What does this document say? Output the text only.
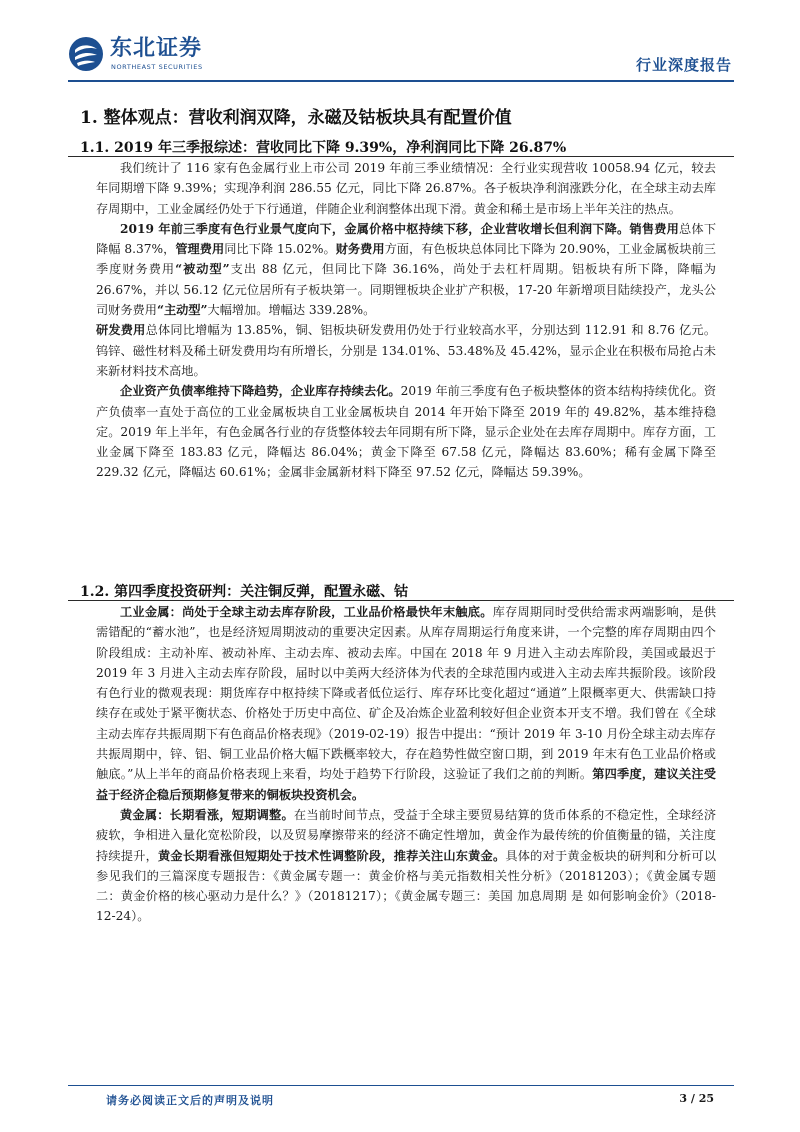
东北证券
NORTHEAST SECURITIES	行业深度报告
1. 整体观点：营收利润双降，永磁及钴板块具有配置价值
1.1. 2019 年三季报综述：营收同比下降 9.39%，净利润同比下降 26.87%

我们统计了 116 家有色金属行业上市公司 2019 年前三季业绩情况：全行业实现营收 10058.94 亿元，较去年同期增下降 9.39%；实现净利润 286.55 亿元，同比下降 26.87%。各子板块净利润涨跌分化，在全球主动去库存周期中，工业金属经仍处于下行通道，伴随企业利润整体出现下滑。黄金和稀土是市场上半年关注的热点。

2019 年前三季度有色行业景气度向下，金属价格中枢持续下移，企业营收增长但利润下降。销售费用总体下降幅 8.37%，管理费用同比下降 15.02%。财务费用方面，有色板块总体同比下降为 20.90%，工业金属板块前三季度财务费用“被动型”支出 88 亿元，但同比下降 36.16%，尚处于去杠杆周期。铝板块有所下降，降幅为 26.67%，并以 56.12 亿元位居所有子板块第一。同期锂板块企业扩产积极，17-20 年新增项目陆续投产，龙头公司财务费用“主动型”大幅增加。增幅达 339.28%。
研发费用总体同比增幅为 13.85%，铜、铝板块研发费用仍处于行业较高水平，分别达到 112.91 和 8.76 亿元。钨锌、磁性材料及稀土研发费用均有所增长，分别是 134.01%、53.48%及 45.42%，显示企业在积极布局抢占未来新材料技术高地。

企业资产负债率维持下降趋势，企业库存持续去化。2019 年前三季度有色子板块整体的资本结构持续优化。资产负债率一直处于高位的工业金属板块自工业金属板块自 2014 年开始下降至 2019 年的 49.82%，基本维持稳定。2019 年上半年，有色金属各行业的存货整体较去年同期有所下降，显示企业处在去库存周期中。库存方面，工业金属下降至 183.83 亿元，降幅达 86.04%；黄金下降至 67.58 亿元，降幅达 83.60%；稀有金属下降至 229.32 亿元，降幅达 60.61%；金属非金属新材料下降至 97.52 亿元，降幅达 59.39%。

1.2. 第四季度投资研判：关注铜反弹，配置永磁、钴

工业金属：尚处于全球主动去库存阶段，工业品价格最快年末触底。库存周期同时受供给需求两端影响，是供需错配的“蓄水池”，也是经济短周期波动的重要决定因素。从库存周期运行角度来讲，一个完整的库存周期由四个阶段组成：主动补库、被动补库、主动去库、被动去库。中国在 2018 年 9 月进入主动去库阶段，美国或最迟于 2019 年 3 月进入主动去库存阶段，届时以中美两大经济体为代表的全球范围内或进入主动去库共振阶段。该阶段有色行业的微观表现：期货库存中枢持续下降或者低位运行、库存环比变化超过“通道”上限概率更大、供需缺口持续存在或处于紧平衡状态、价格处于历史中高位、矿企及冶炼企业盈利较好但企业资本开支不增。我们曾在《全球主动去库存共振周期下有色商品价格表现》（2019-02-19）报告中提出：“预计 2019 年 3-10 月份全球主动去库存共振周期中，锌、铝、铜工业品价格大幅下跌概率较大，存在趋势性做空窗口期，到 2019 年末有色工业品价格或触底。”从上半年的商品价格表现上来看，均处于趋势下行阶段，这验证了我们之前的判断。第四季度，建议关注受益于经济企稳后预期修复带来的铜板块投资机会。

黄金属：长期看涨，短期调整。在当前时间节点，受益于全球主要贸易结算的货币体系的不稳定性，全球经济疲软，争相进入量化宽松阶段，以及贸易摩擦带来的经济不确定性增加，黄金作为最传统的价值衡量的锚，关注度持续提升，黄金长期看涨但短期处于技术性调整阶段，推荐关注山东黄金。具体的对于黄金板块的研判和分析可以参见我们的三篇深度专题报告：《黄金属专题一：黄金价格与美元指数相关性分析》（20181203）；《黄金属专题二：黄金价格的核心驱动力是什么？》（20181217）；《黄金属专题三：美国 加息周期 是 如何影响金价》（2018-12-24）。

请务必阅读正文后的声明及说明	3 / 25
